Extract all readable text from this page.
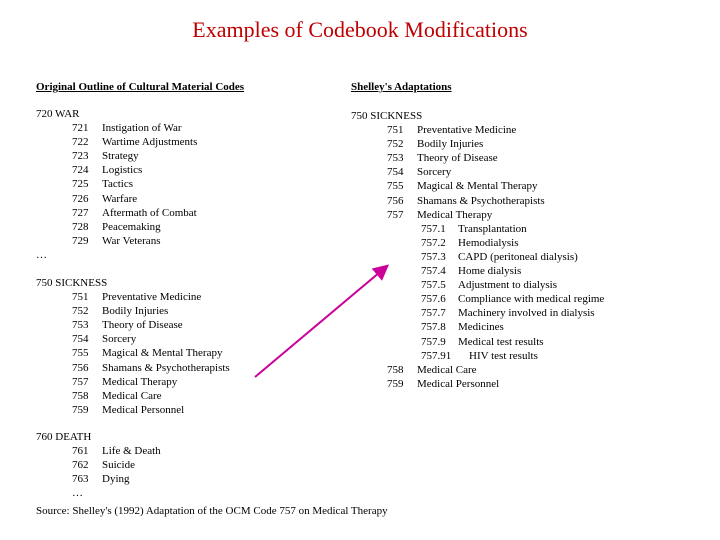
Examples of Codebook Modifications
Original Outline of Cultural Material Codes	Shelley's Adaptations
720 WAR
721 Instigation of War
722 Wartime Adjustments
723 Strategy
724 Logistics
725 Tactics
726 Warfare
727 Aftermath of Combat
728 Peacemaking
729 War Veterans
…
750 SICKNESS
751 Preventative Medicine
752 Bodily Injuries
753 Theory of Disease
754 Sorcery
755 Magical & Mental Therapy
756 Shamans & Psychotherapists
757 Medical Therapy
758 Medical Care
759 Medical Personnel
760 DEATH
761 Life & Death
762 Suicide
763 Dying
…
750 SICKNESS
751 Preventative Medicine
752 Bodily Injuries
753 Theory of Disease
754 Sorcery
755 Magical & Mental Therapy
756 Shamans & Psychotherapists
757 Medical Therapy
757.1 Transplantation
757.2 Hemodialysis
757.3 CAPD (peritoneal dialysis)
757.4 Home dialysis
757.5 Adjustment to dialysis
757.6 Compliance with medical regime
757.7 Machinery involved in dialysis
757.8 Medicines
757.9 Medical test results
757.91 HIV test results
758 Medical Care
759 Medical Personnel
Source: Shelley's (1992) Adaptation of the OCM Code 757 on Medical Therapy
